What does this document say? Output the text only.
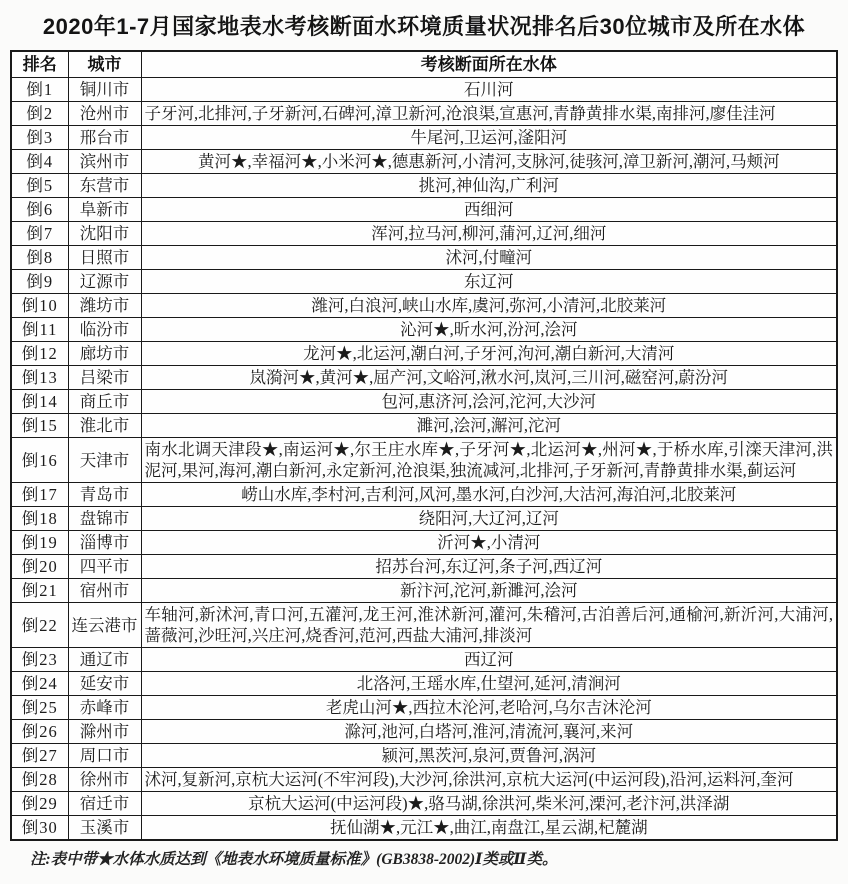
2020年1-7月国家地表水考核断面水环境质量状况排名后30位城市及所在水体
排名	城市	考核断面所在水体
倒1	铜川市	石川河
倒2	沧州市	子牙河,北排河,子牙新河,石碑河,漳卫新河,沧浪渠,宣惠河,青静黄排水渠,南排河,廖佳洼河
倒3	邢台市	牛尾河,卫运河,滏阳河
倒4	滨州市	黄河★,幸福河★,小米河★,德惠新河,小清河,支脉河,徒骇河,漳卫新河,潮河,马颊河
倒5	东营市	挑河,神仙沟,广利河
倒6	阜新市	西细河
倒7	沈阳市	浑河,拉马河,柳河,蒲河,辽河,细河
倒8	日照市	沭河,付疃河
倒9	辽源市	东辽河
倒10	潍坊市	潍河,白浪河,峡山水库,虞河,弥河,小清河,北胶莱河
倒11	临汾市	沁河★,昕水河,汾河,浍河
倒12	廊坊市	龙河★,北运河,潮白河,子牙河,泃河,潮白新河,大清河
倒13	吕梁市	岚漪河★,黄河★,屈产河,文峪河,湫水河,岚河,三川河,磁窑河,蔚汾河
倒14	商丘市	包河,惠济河,浍河,沱河,大沙河
倒15	淮北市	濉河,浍河,澥河,沱河
倒16	天津市	南水北调天津段★,南运河★,尔王庄水库★,子牙河★,北运河★,州河★,于桥水库,引滦天津河,洪泥河,果河,海河,潮白新河,永定新河,沧浪渠,独流减河,北排河,子牙新河,青静黄排水渠,蓟运河
倒17	青岛市	崂山水库,李村河,吉利河,风河,墨水河,白沙河,大沽河,海泊河,北胶莱河
倒18	盘锦市	绕阳河,大辽河,辽河
倒19	淄博市	沂河★,小清河
倒20	四平市	招苏台河,东辽河,条子河,西辽河
倒21	宿州市	新汴河,沱河,新濉河,浍河
倒22	连云港市	车轴河,新沭河,青口河,五灌河,龙王河,淮沭新河,灌河,朱稽河,古泊善后河,通榆河,新沂河,大浦河,蔷薇河,沙旺河,兴庄河,烧香河,范河,西盐大浦河,排淡河
倒23	通辽市	西辽河
倒24	延安市	北洛河,王瑶水库,仕望河,延河,清涧河
倒25	赤峰市	老虎山河★,西拉木沦河,老哈河,乌尔吉沐沦河
倒26	滁州市	滁河,池河,白塔河,淮河,清流河,襄河,来河
倒27	周口市	颍河,黑茨河,泉河,贾鲁河,涡河
倒28	徐州市	沭河,复新河,京杭大运河(不牢河段),大沙河,徐洪河,京杭大运河(中运河段),沿河,运料河,奎河
倒29	宿迁市	京杭大运河(中运河段)★,骆马湖,徐洪河,柴米河,溧河,老汴河,洪泽湖
倒30	玉溪市	抚仙湖★,元江★,曲江,南盘江,星云湖,杞麓湖

注:表中带★水体水质达到《地表水环境质量标准》(GB3838-2002)Ⅰ类或Ⅱ类。
